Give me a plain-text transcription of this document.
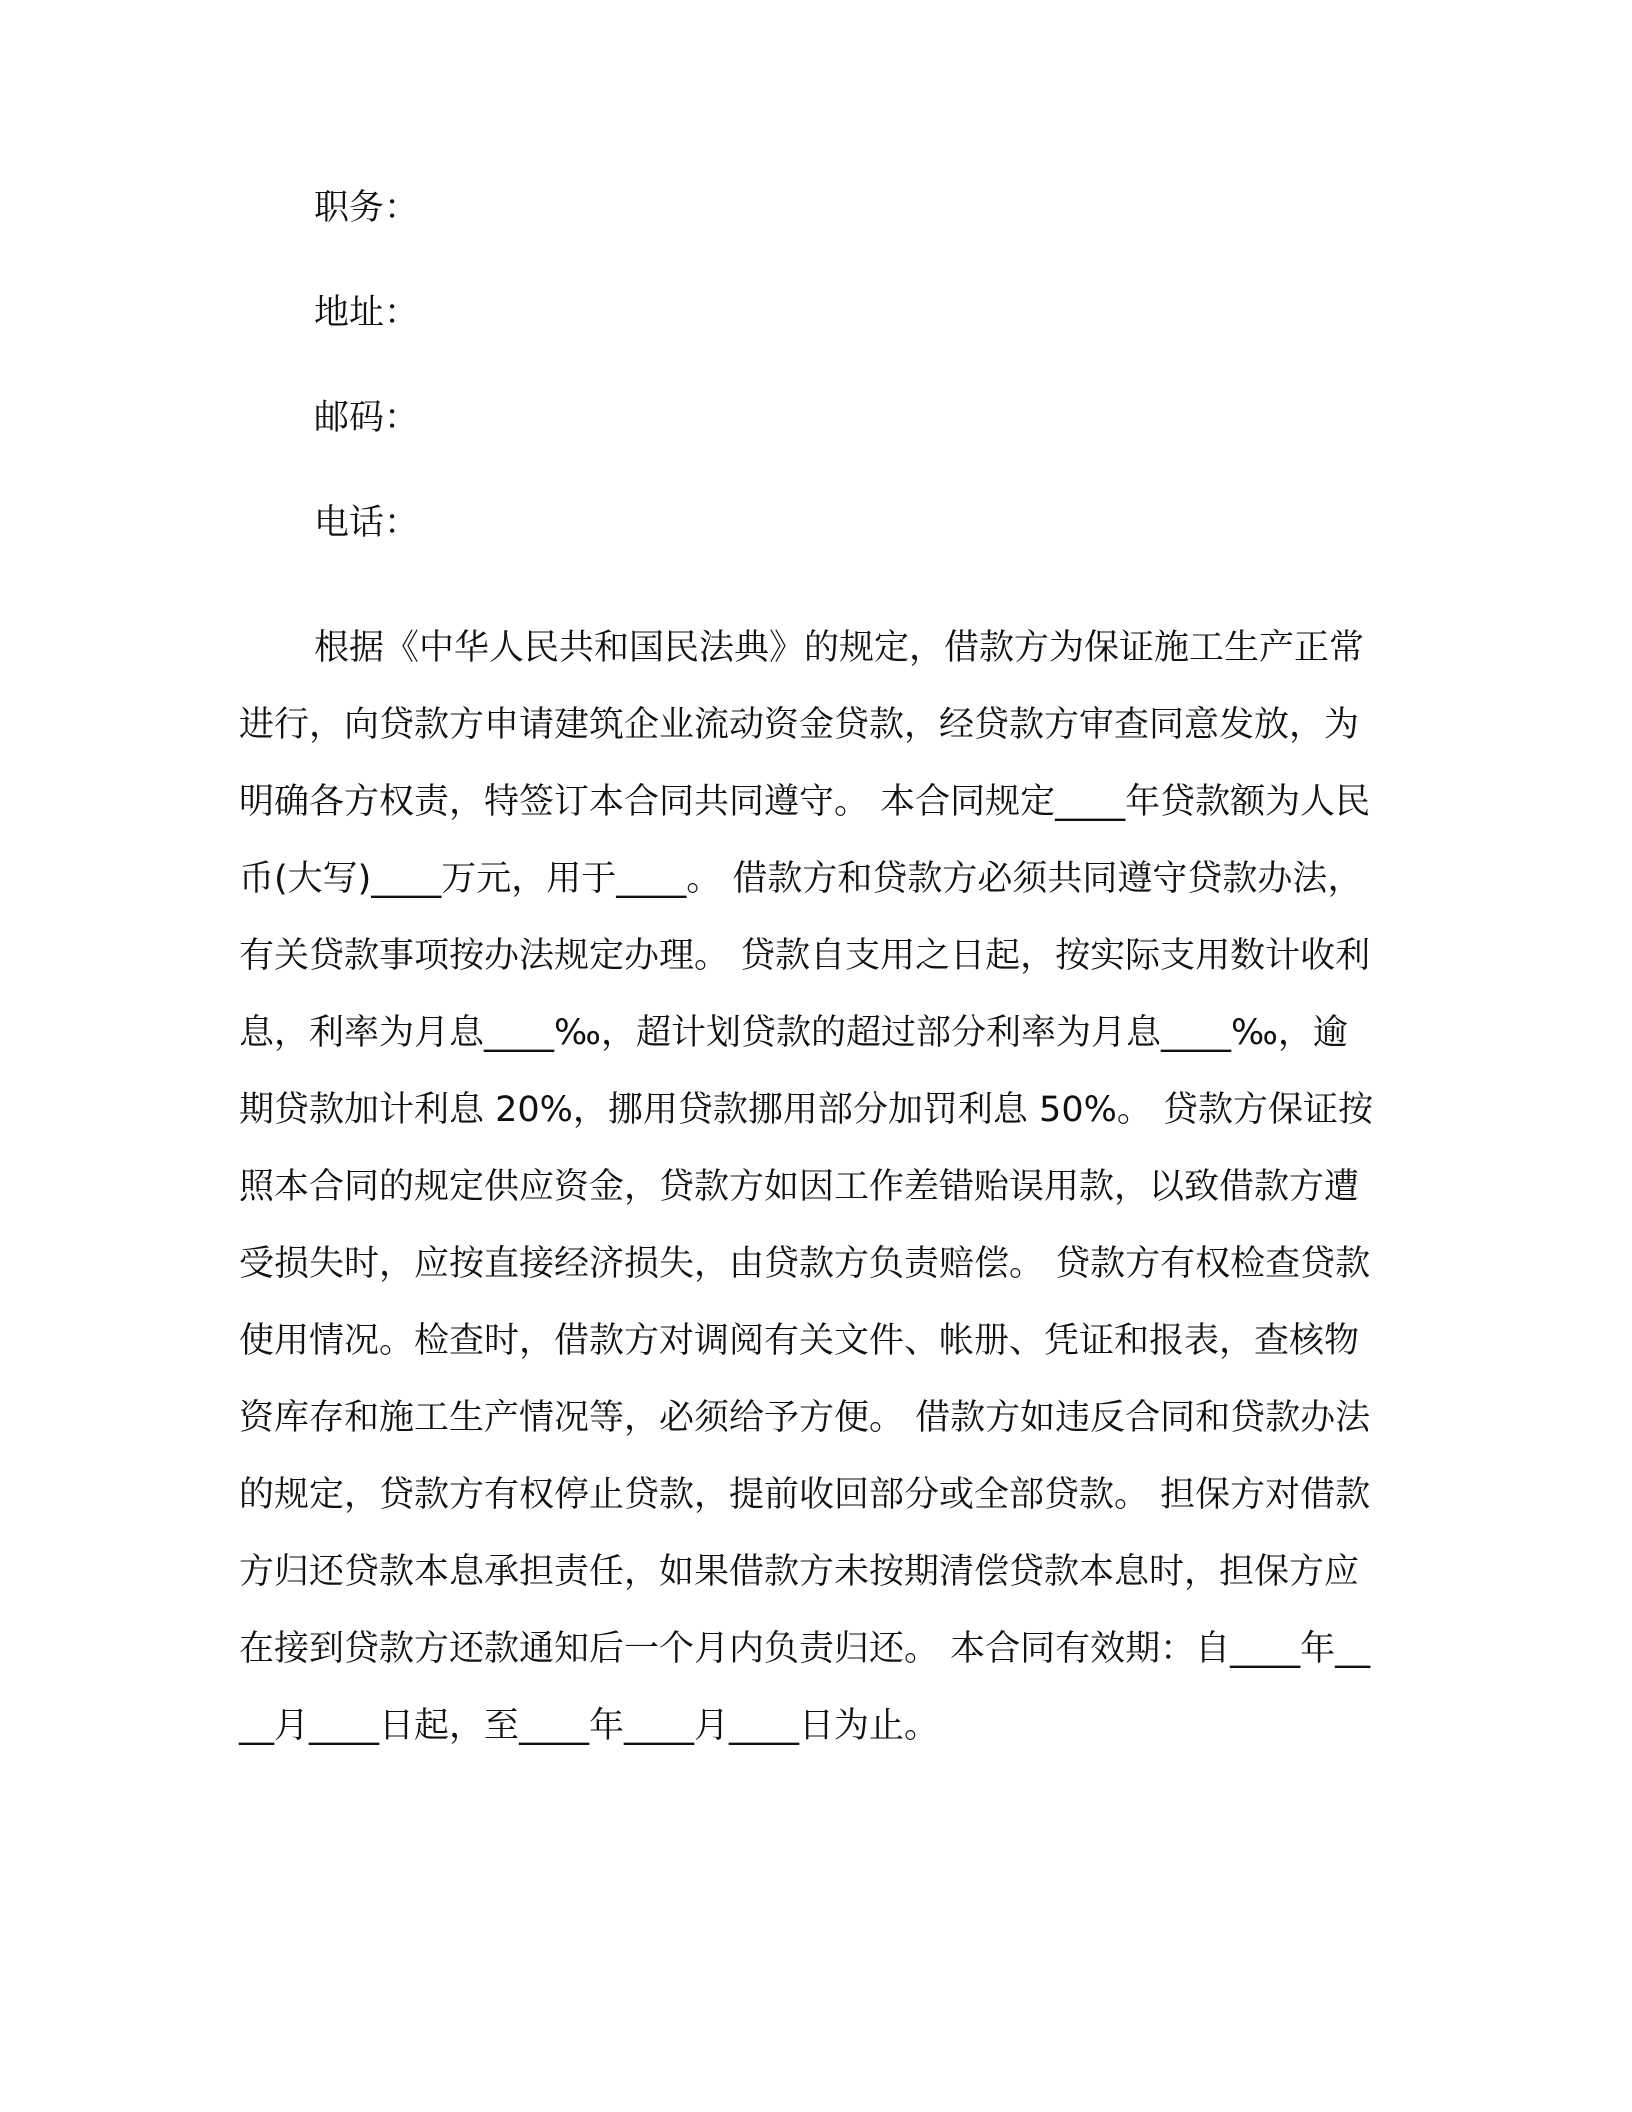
职务：
地址：
邮码：
电话：

根据《中华人民共和国民法典》的规定，借款方为保证施工生产正常进行，向贷款方申请建筑企业流动资金贷款，经贷款方审查同意发放，为明确各方权责，特签订本合同共同遵守。 本合同规定____年贷款额为人民币(大写)____万元，用于____。 借款方和贷款方必须共同遵守贷款办法，有关贷款事项按办法规定办理。 贷款自支用之日起，按实际支用数计收利息，利率为月息____‰，超计划贷款的超过部分利率为月息____‰，逾期贷款加计利息 20%，挪用贷款挪用部分加罚利息 50%。 贷款方保证按照本合同的规定供应资金，贷款方如因工作差错贻误用款，以致借款方遭受损失时，应按直接经济损失，由贷款方负责赔偿。 贷款方有权检查贷款使用情况。检查时，借款方对调阅有关文件、帐册、凭证和报表，查核物资库存和施工生产情况等，必须给予方便。 借款方如违反合同和贷款办法的规定，贷款方有权停止贷款，提前收回部分或全部贷款。 担保方对借款方归还贷款本息承担责任，如果借款方未按期清偿贷款本息时，担保方应在接到贷款方还款通知后一个月内负责归还。 本合同有效期：自____年____月____日起，至____年____月____日为止。
